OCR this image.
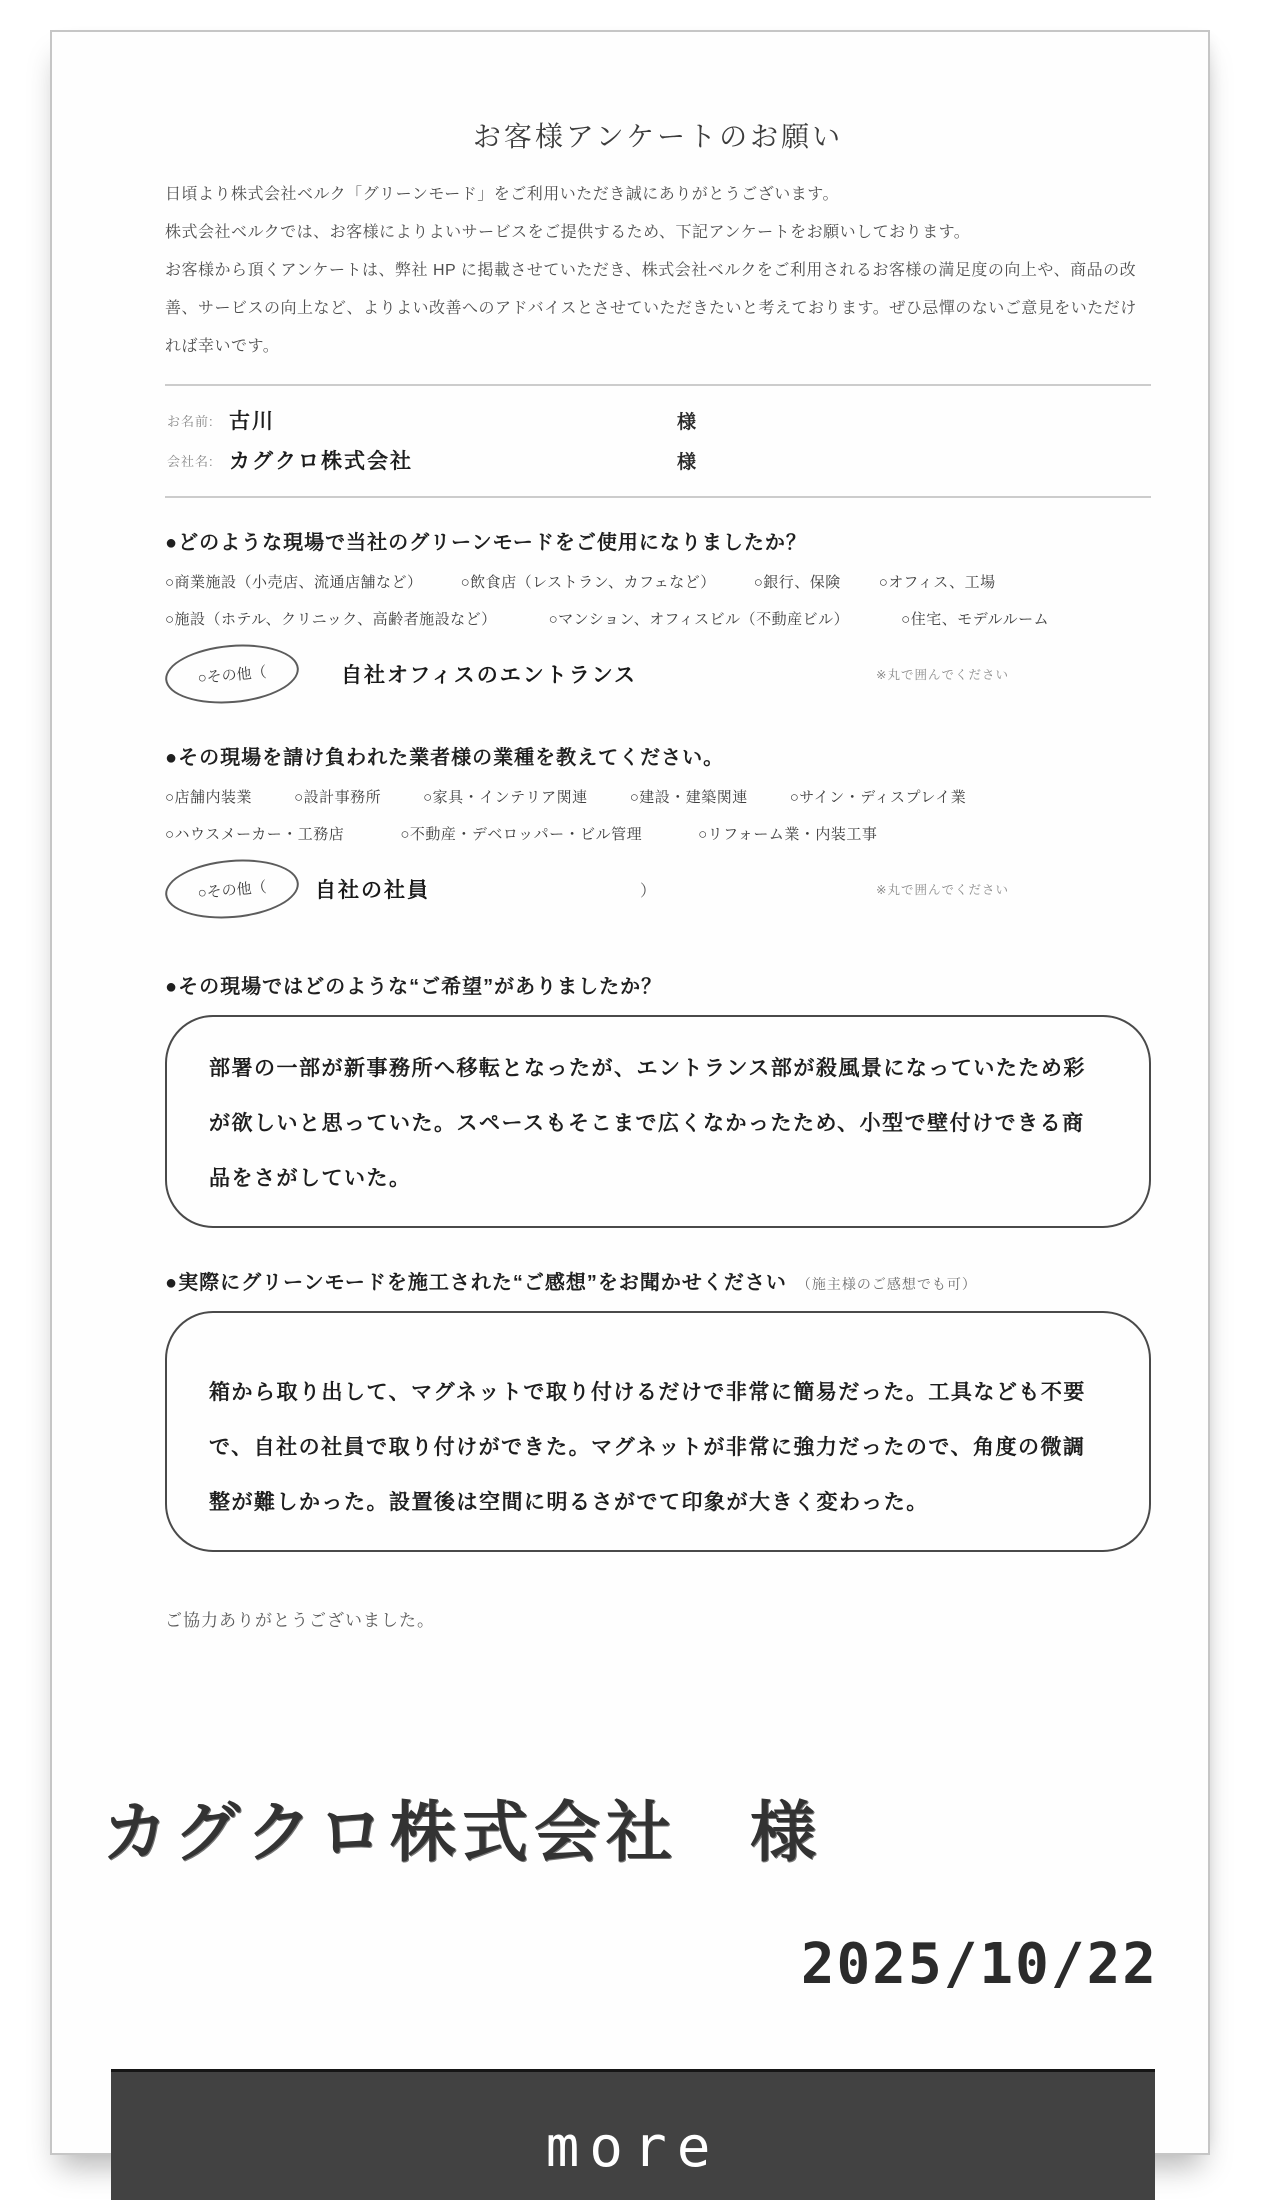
お客様アンケートのお願い
日頃より株式会社ベルク「グリーンモード」をご利用いただき誠にありがとうございます。
株式会社ベルクでは、お客様によりよいサービスをご提供するため、下記アンケートをお願いしております。
お客様から頂くアンケートは、弊社 HP に掲載させていただき、株式会社ベルクをご利用されるお客様の満足度の向上や、商品の改善、サービスの向上など、よりよい改善へのアドバイスとさせていただきたいと考えております。ぜひ忌憚のないご意見をいただければ幸いです。
お名前: 古川	様
会社名: カグクロ株式会社	様
●どのような現場で当社のグリーンモードをご使用になりましたか？
○商業施設（小売店、流通店舗など）	○飲食店（レストラン、カフェなど）	○銀行、保険	○オフィス、工場
○施設（ホテル、クリニック、高齢者施設など）	○マンション、オフィスビル（不動産ビル）	○住宅、モデルルーム
○その他（	自社オフィスのエントランス	※丸で囲んでください
●その現場を請け負われた業者様の業種を教えてください。
○店舗内装業	○設計事務所	○家具・インテリア関連	○建設・建築関連	○サイン・ディスプレイ業
○ハウスメーカー・工務店	○不動産・デベロッパー・ビル管理	○リフォーム業・内装工事
○その他（ 自社の社員	）	※丸で囲んでください
●その現場ではどのような“ご希望”がありましたか？
部署の一部が新事務所へ移転となったが、エントランス部が殺風景になっていたため彩が欲しいと思っていた。スペースもそこまで広くなかったため、小型で壁付けできる商品をさがしていた。
●実際にグリーンモードを施工された“ご感想”をお聞かせください （施主様のご感想でも可）
箱から取り出して、マグネットで取り付けるだけで非常に簡易だった。工具なども不要で、自社の社員で取り付けができた。マグネットが非常に強力だったので、角度の微調整が難しかった。設置後は空間に明るさがでて印象が大きく変わった。
ご協力ありがとうございました。
カグクロ株式会社　様
2025/10/22
more
